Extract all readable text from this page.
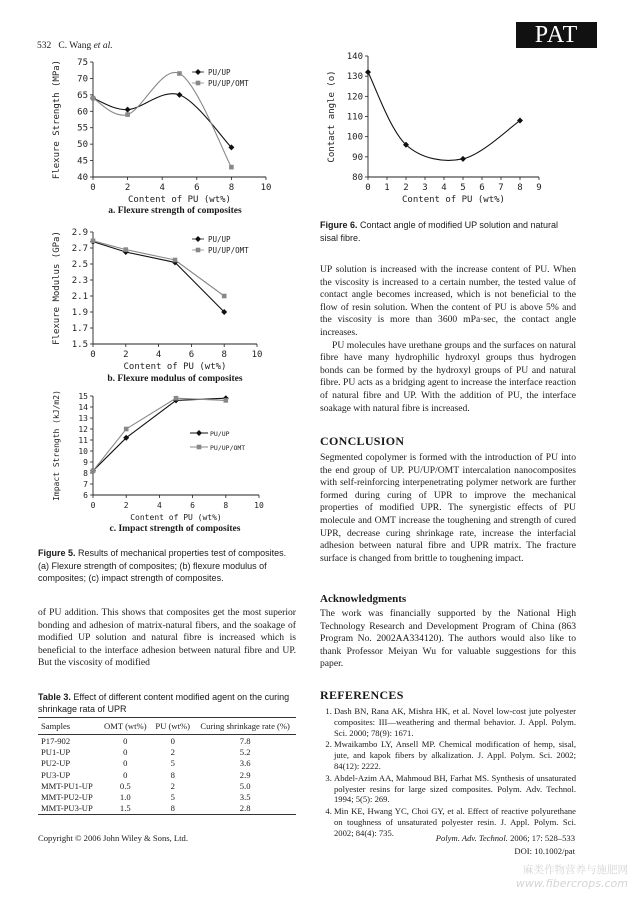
532 C. Wang et al.	PAT
40
45
50
55
60
65
70
75
0	2	4	6	8	10
Content of PU (wt%)
Flexure Strength (MPa)	PU/UP
PU/UP/OMT
a. Flexure strength of composites
1.5
1.7
1.9
2.1
2.3
2.5
2.7
2.9
0	2	4	6	8	10
Content of PU (wt%)
Flexure Modulus (GPa)	PU/UP
PU/UP/OMT
b. Flexure modulus of composites
6
7
8
9
10
11
12
13
14
15
0	2	4	6	8	10
Content of PU (wt%)
Impact Strength (kJ/m2)	PU/UP
PU/UP/OMT
c. Impact strength of composites
Figure 5. Results of mechanical properties test of composites. (a) Flexure strength of composites; (b) flexure modulus of composites; (c) impact strength of composites.

of PU addition. This shows that composites get the most superior bonding and adhesion of matrix-natural fibers, and the soakage of modified UP solution and natural fibre is increased which is beneficial to the interface adhesion between natural fibre and UP. But the viscosity of modified

Table 3. Effect of different content modified agent on the curing shrinkage rata of UPR
Samples	OMT (wt%)	PU (wt%)	Curing shrinkage rate (%)
P17-902	0	0	7.8
PU1-UP	0	2	5.2
PU2-UP	0	5	3.6
PU3-UP	0	8	2.9
MMT-PU1-UP	0.5	2	5.0
MMT-PU2-UP	1.0	5	3.5
MMT-PU3-UP	1.5	8	2.8
80
90
100
110
120
130
140
0 1 2 3 4 5 6 7 8 9
Content of PU (wt%)
Contact angle (o)
Figure 6. Contact angle of modified UP solution and natural sisal fibre.

UP solution is increased with the increase content of PU. When the viscosity is increased to a certain number, the tested value of contact angle becomes increased, which is not beneficial to the flow of resin solution. When the content of PU is above 5% and the viscosity is more than 3600 mPa·sec, the contact angle increases.

PU molecules have urethane groups and the surfaces on natural fibre have many hydrophilic hydroxyl groups thus hydrogen bonds can be formed by the hydroxyl groups of PU and natural fibre. PU acts as a bridging agent to increase the interface reaction of natural fibre and UP. With the addition of PU, the interface soakage with natural fibre is increased.

CONCLUSION

Segmented copolymer is formed with the introduction of PU into the end group of UP. PU/UP/OMT intercalation nanocomposites with self-reinforcing interpenetrating polymer network are further formed during curing of UPR to improve the mechanical properties of modified UPR. The synergistic effects of PU molecule and OMT increase the toughening and strength of cured UPR, decrease curing shrinkage rate, increase the interfacial adhesion between natural fibre and UPR matrix. The fracture surface is changed from brittle to toughening impact.

Acknowledgments

The work was financially supported by the National High Technology Research and Development Program of China (863 Program No. 2002AA334120). The authors would also like to thank Professor Meiyan Wu for valuable suggestions for this paper.

REFERENCES
1. Dash BN, Rana AK, Mishra HK, et al. Novel low-cost jute polyester composites: III—weathering and thermal behavior. J. Appl. Polym. Sci. 2000; 78(9): 1671.
2. Mwaikambo LY, Ansell MP. Chemical modification of hemp, sisal, jute, and kapok fibers by alkalization. J. Appl. Polym. Sci. 2002; 84(12): 2222.
3. Abdel-Azim AA, Mahmoud BH, Farhat MS. Synthesis of unsaturated polyester resins for large sized composites. Polym. Adv. Technol. 1994; 5(5): 269.
4. Min KE, Hwang YC, Choi GY, et al. Effect of reactive polyurethane on toughness of unsaturated polyester resin. J. Appl. Polym. Sci. 2002; 84(4): 735.
Copyright © 2006 John Wiley & Sons, Ltd.	Polym. Adv. Technol. 2006; 17: 528–533
DOI: 10.1002/pat
麻类作物营养与施肥网
www.fibercrops.com
